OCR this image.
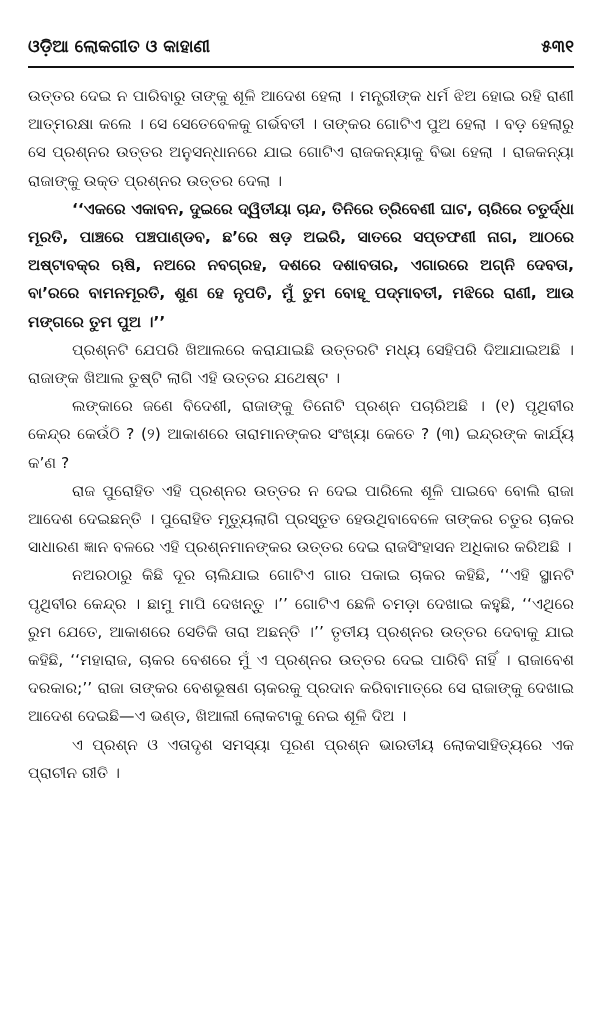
ଓଡ଼ିଆ ଲୋକଗୀତ ଓ କାହାଣୀ	୫୩୧

ଉତ୍ତର ଦେଇ ନ ପାରିବାରୁ ତାଙ୍କୁ ଶୂଳି ଆଦେଶ ହେଲା । ମନ୍ତ୍ରୀଙ୍କ ଧର୍ମ ଝିଅ ହୋଇ ରହି ରାଣୀ ଆତ୍ମରକ୍ଷା କଲେ । ସେ ସେତେବେଳକୁ ଗର୍ଭବତୀ । ତାଙ୍କର ଗୋଟିଏ ପୁଅ ହେଲା । ବଡ଼ ହେଲାରୁ ସେ ପ୍ରଶ୍ନର ଉତ୍ତର ଅନୁସନ୍ଧାନରେ ଯାଇ ଗୋଟିଏ ରାଜକନ୍ୟାକୁ ବିଭା ହେଲା । ରାଜକନ୍ୟା ରାଜାଙ୍କୁ ଉକ୍ତ ପ୍ରଶ୍ନର ଉତ୍ତର ଦେଲା ।

‘‘ଏକରେ ଏକାବନ, ଦୁଇରେ ଦ୍ୱିତୀୟା ଚାନ୍ଦ, ତିନିରେ ତ୍ରିବେଣୀ ଘାଟ, ଚାରିରେ ଚତୁର୍ଦ୍ଧା ମୂରତି, ପାଞ୍ଚରେ ପଞ୍ଚପାଣ୍ଡବ, ଛ’ରେ ଷଡ଼ ଅଇରି, ସାତରେ ସପ୍ତଫଣୀ ନାଗ, ଆଠରେ ଅଷ୍ଟାବକ୍ର ଋଷି, ନଅରେ ନବଗ୍ରହ, ଦଶରେ ଦଶାବତାର, ଏଗାରରେ ଅଗ୍ନି ଦେବତା, ବା’ରରେ ବାମନମୂରତି, ଶୁଣ ହେ ନୃପତି, ମୁଁ ତୁମ ବୋହୂ ପଦ୍ମାବତୀ, ମଝିରେ ରାଣୀ, ଆଉ ମଙ୍ଗରେ ତୁମ ପୁଅ ।’’

ପ୍ରଶ୍ନଟି ଯେପରି ଖିଆଲରେ କରାଯାଇଛି ଉତ୍ତରଟି ମଧ୍ୟ ସେହିପରି ଦିଆଯାଇଅଛି । ରାଜାଙ୍କ ଖିଆଲ ତୁଷ୍ଟି ଲାଗି ଏହି ଉତ୍ତର ଯଥେଷ୍ଟ ।

ଲଙ୍କାରେ ଜଣେ ବିଦେଶୀ, ରାଜାଙ୍କୁ ତିନୋଟି ପ୍ରଶ୍ନ ପଚାରିଅଛି । (୧) ପୃଥିବୀର କେନ୍ଦ୍ର କେଉଁଠି ? (୨) ଆକାଶରେ ତାରାମାନଙ୍କର ସଂଖ୍ୟା କେତେ ? (୩) ଇନ୍ଦ୍ରଙ୍କ କାର୍ଯ୍ୟ କ’ଣ ?

ରାଜ ପୁରୋହିତ ଏହି ପ୍ରଶ୍ନର ଉତ୍ତର ନ ଦେଇ ପାରିଲେ ଶୂଳି ପାଇବେ ବୋଲି ରାଜା ଆଦେଶ ଦେଇଛନ୍ତି । ପୁରୋହିତ ମୃତ୍ୟୁଲାଗି ପ୍ରସ୍ତୁତ ହେଉଥିବାବେଳେ ତାଙ୍କର ଚତୁର ଚାକର ସାଧାରଣ ଜ୍ଞାନ ବଳରେ ଏହି ପ୍ରଶ୍ନମାନଙ୍କର ଉତ୍ତର ଦେଇ ରାଜସିଂହାସନ ଅଧିକାର କରିଅଛି ।

ନଅରଠାରୁ କିଛି ଦୂର ଚାଲିଯାଇ ଗୋଟିଏ ଗାର ପକାଇ ଚାକର କହିଛି, ‘‘ଏହି ସ୍ଥାନଟି ପୃଥିବୀର କେନ୍ଦ୍ର । ଛାମୁ ମାପି ଦେଖନ୍ତୁ ।’’ ଗୋଟିଏ ଛେଳି ଚମଡ଼ା ଦେଖାଇ କହୁଛି, ‘‘ଏଥିରେ ରୁମ ଯେତେ, ଆକାଶରେ ସେତିକି ତାରା ଅଛନ୍ତି ।’’ ତୃତୀୟ ପ୍ରଶ୍ନର ଉତ୍ତର ଦେବାକୁ ଯାଇ କହିଛି, ‘‘ମହାରାଜ, ଚାକର ବେଶରେ ମୁଁ ଏ ପ୍ରଶ୍ନର ଉତ୍ତର ଦେଇ ପାରିବି ନାହିଁ । ରାଜାବେଶ ଦରକାର;’’ ରାଜା ତାଙ୍କର ବେଶଭୂଷଣ ଚାକରକୁ ପ୍ରଦାନ କରିବାମାତ୍ରେ ସେ ରାଜାଙ୍କୁ ଦେଖାଇ ଆଦେଶ ଦେଇଛି—ଏ ଭଣ୍ଡ, ଖିଆଲୀ ଲୋକଟାକୁ ନେଇ ଶୂଳି ଦିଅ ।

ଏ ପ୍ରଶ୍ନ ଓ ଏତାଦୃଶ ସମସ୍ୟା ପୂରଣ ପ୍ରଶ୍ନ ଭାରତୀୟ ଲୋକସାହିତ୍ୟରେ ଏକ ପ୍ରାଚୀନ ରୀତି ।
